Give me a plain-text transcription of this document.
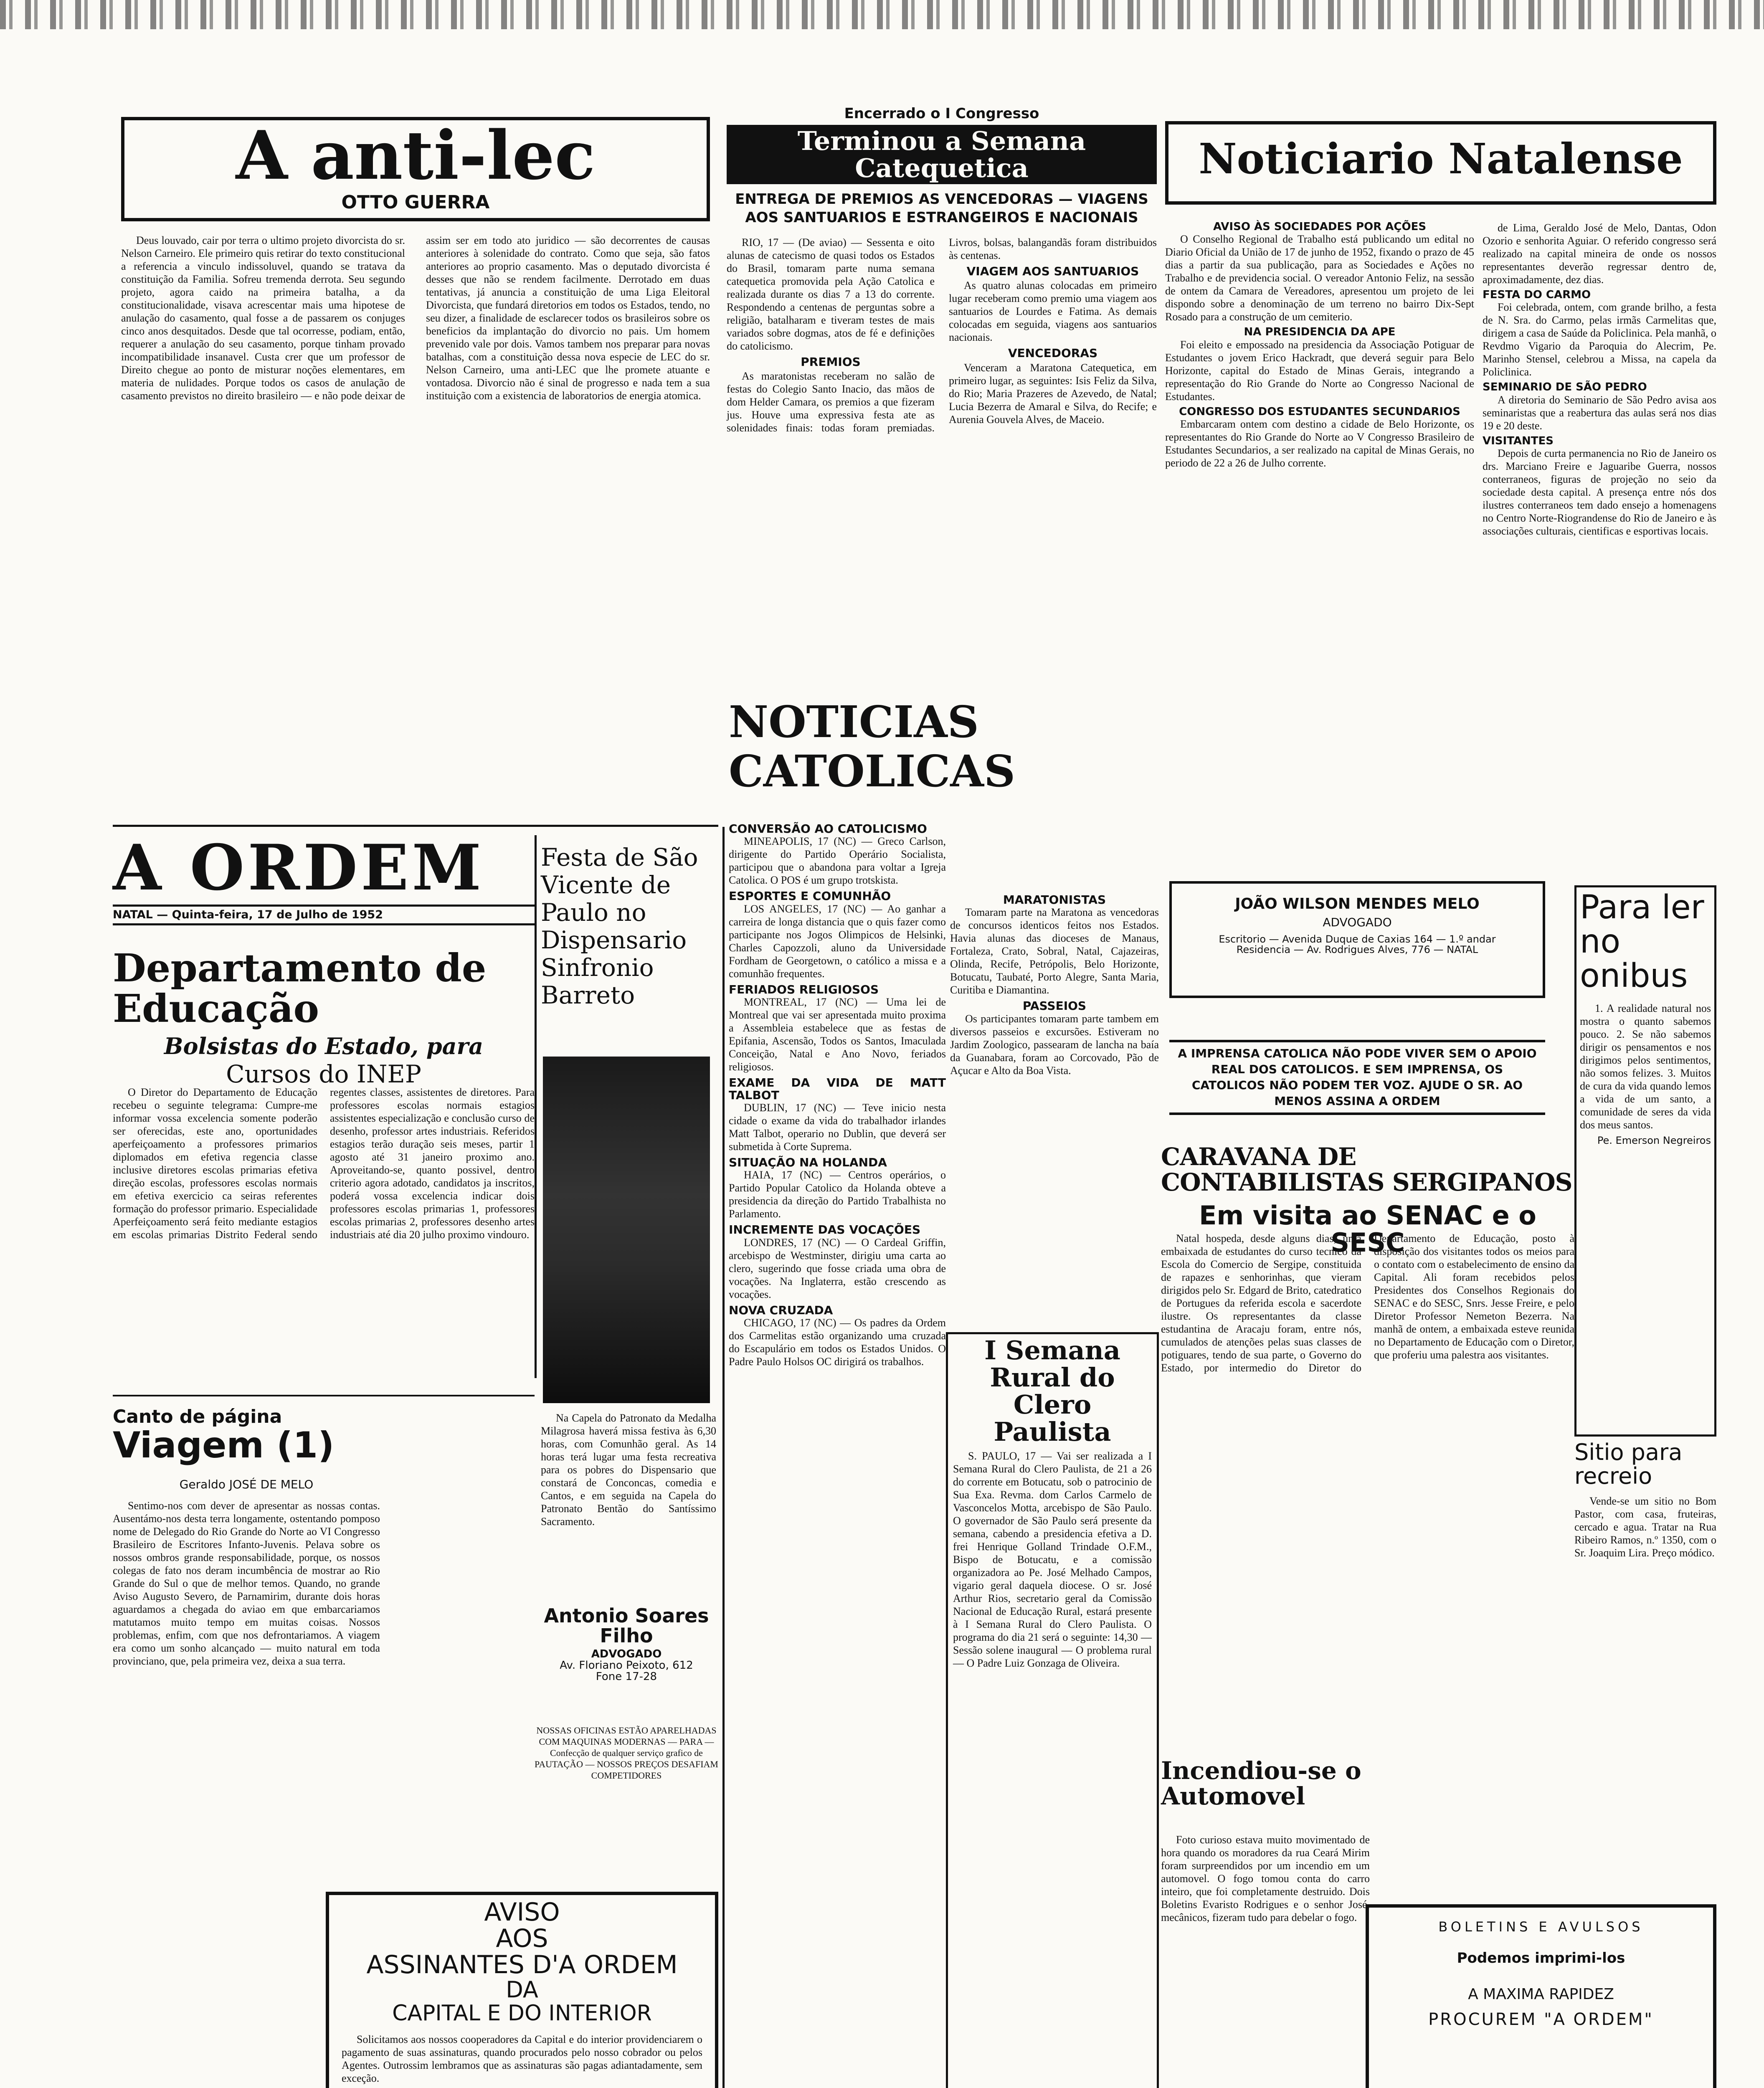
A anti-lec
OTTO GUERRA

Deus louvado, cair por terra o ultimo projeto divorcista do sr. Nelson Carneiro. Ele primeiro quis retirar do texto constitucional a referencia a vinculo indissoluvel, quando se tratava da constituição da Familia. Sofreu tremenda derrota. Seu segundo projeto, agora caido na primeira batalha, a da constitucionalidade, visava acrescentar mais uma hipotese de anulação do casamento, qual fosse a de passarem os conjuges cinco anos desquitados. Desde que tal ocorresse, podiam, então, requerer a anulação do seu casamento, porque tinham provado incompatibilidade insanavel. Custa crer que um professor de Direito chegue ao ponto de misturar noções elementares, em materia de nulidades. Porque todos os casos de anulação de casamento previstos no direito brasileiro — e não pode deixar de assim ser em todo ato juridico — são decorrentes de causas anteriores à solenidade do contrato. Como que seja, são fatos anteriores ao proprio casamento. Mas o deputado divorcista é desses que não se rendem facilmente. Derrotado em duas tentativas, já anuncia a constituição de uma Liga Eleitoral Divorcista, que fundará diretorios em todos os Estados, tendo, no seu dizer, a finalidade de esclarecer todos os brasileiros sobre os beneficios da implantação do divorcio no pais. Um homem prevenido vale por dois. Vamos tambem nos preparar para novas batalhas, com a constituição dessa nova especie de LEC do sr. Nelson Carneiro, uma anti-LEC que lhe promete atuante e vontadosa. Divorcio não é sinal de progresso e nada tem a sua instituição com a existencia de laboratorios de energia atomica.

Encerrado o I Congresso
Terminou a Semana Catequetica
ENTREGA DE PREMIOS AS VENCEDORAS — VIAGENS AOS SANTUARIOS E ESTRANGEIROS E NACIONAIS

RIO, 17 — (De aviao) — Sessenta e oito alunas de catecismo de quasi todos os Estados do Brasil, tomaram parte numa semana catequetica promovida pela Ação Catolica e realizada durante os dias 7 a 13 do corrente. Respondendo a centenas de perguntas sobre a religião, batalharam e tiveram testes de mais variados sobre dogmas, atos de fé e definições do catolicismo.

PREMIOS

As maratonistas receberam no salão de festas do Colegio Santo Inacio, das mãos de dom Helder Camara, os premios a que fizeram jus. Houve uma expressiva festa ate as solenidades finais: todas foram premiadas. Livros, bolsas, balangandãs foram distribuidos às centenas.

VIAGEM AOS SANTUARIOS

As quatro alunas colocadas em primeiro lugar receberam como premio uma viagem aos santuarios de Lourdes e Fatima. As demais colocadas em seguida, viagens aos santuarios nacionais.

VENCEDORAS

Venceram a Maratona Catequetica, em primeiro lugar, as seguintes: Isis Feliz da Silva, do Rio; Maria Prazeres de Azevedo, de Natal; Lucia Bezerra de Amaral e Silva, do Recife; e Aurenia Gouvela Alves, de Maceio.

Noticiario Natalense
AVISO ÀS SOCIEDADES POR AÇÕES

O Conselho Regional de Trabalho está publicando um edital no Diario Oficial da União de 17 de junho de 1952, fixando o prazo de 45 dias a partir da sua publicação, para as Sociedades e Ações no Trabalho e de previdencia social. O vereador Antonio Feliz, na sessão de ontem da Camara de Vereadores, apresentou um projeto de lei dispondo sobre a denominação de um terreno no bairro Dix-Sept Rosado para a construção de um cemiterio.

NA PRESIDENCIA DA APE

Foi eleito e empossado na presidencia da Associação Potiguar de Estudantes o jovem Erico Hackradt, que deverá seguir para Belo Horizonte, capital do Estado de Minas Gerais, integrando a representação do Rio Grande do Norte ao Congresso Nacional de Estudantes.

CONGRESSO DOS ESTUDANTES SECUNDARIOS

Embarcaram ontem com destino a cidade de Belo Horizonte, os representantes do Rio Grande do Norte ao V Congresso Brasileiro de Estudantes Secundarios, a ser realizado na capital de Minas Gerais, no periodo de 22 a 26 de Julho corrente.

de Lima, Geraldo José de Melo, Dantas, Odon Ozorio e senhorita Aguiar. O referido congresso será realizado na capital mineira de onde os nossos representantes deverão regressar dentro de, aproximadamente, dez dias.

FESTA DO CARMO

Foi celebrada, ontem, com grande brilho, a festa de N. Sra. do Carmo, pelas irmãs Carmelitas que, dirigem a casa de Saúde da Policlinica. Pela manhã, o Revdmo Vigario da Paroquia do Alecrim, Pe. Marinho Stensel, celebrou a Missa, na capela da Policlinica.

SEMINARIO DE SÃO PEDRO

A diretoria do Seminario de São Pedro avisa aos seminaristas que a reabertura das aulas será nos dias 19 e 20 deste.

VISITANTES

Depois de curta permanencia no Rio de Janeiro os drs. Marciano Freire e Jaguaribe Guerra, nossos conterraneos, figuras de projeção no seio da sociedade desta capital. A presença entre nós dos ilustres conterraneos tem dado ensejo a homenagens no Centro Norte-Riograndense do Rio de Janeiro e às associações culturais, cientificas e esportivas locais.

A ORDEM
NATAL — Quinta-feira, 17 de Julho de 1952
Departamento de Educação
Bolsistas do Estado, para
Cursos do INEP

O Diretor do Departamento de Educação recebeu o seguinte telegrama: Cumpre-me informar vossa excelencia somente poderão ser oferecidas, este ano, oportunidades aperfeiçoamento a professores primarios diplomados em efetiva regencia classe inclusive diretores escolas primarias efetiva direção escolas, professores escolas normais em efetiva exercicio ca seiras referentes formação do professor primario. Especialidade Aperfeiçoamento será feito mediante estagios em escolas primarias Distrito Federal sendo regentes classes, assistentes de diretores. Para professores escolas normais estagios assistentes especialização e conclusão curso de desenho, professor artes industriais. Referidos estagios terão duração seis meses, partir 1 agosto até 31 janeiro proximo ano. Aproveitando-se, quanto possivel, dentro criterio agora adotado, candidatos ja inscritos, poderá vossa excelencia indicar dois professores escolas primarias 1, professores escolas primarias 2, professores desenho artes industriais até dia 20 julho proximo vindouro.

Canto de página
Viagem (1)
Geraldo JOSÉ DE MELO

Sentimo-nos com dever de apresentar as nossas contas. Ausentámo-nos desta terra longamente, ostentando pomposo nome de Delegado do Rio Grande do Norte ao VI Congresso Brasileiro de Escritores Infanto-Juvenis. Pelava sobre os nossos ombros grande responsabilidade, porque, os nossos colegas de fato nos deram incumbência de mostrar ao Rio Grande do Sul o que de melhor temos. Quando, no grande Aviso Augusto Severo, de Parnamirim, durante dois horas aguardamos a chegada do aviao em que embarcariamos matutamos muito tempo em muitas coisas. Nossos problemas, enfim, com que nos defrontariamos. A viagem era como um sonho alcançado — muito natural em toda provinciano, que, pela primeira vez, deixa a sua terra.

Festa de São Vicente de Paulo no Dispensario Sinfronio Barreto

Na Capela do Patronato da Medalha Milagrosa haverá missa festiva às 6,30 horas, com Comunhão geral. As 14 horas terá lugar uma festa recreativa para os pobres do Dispensario que constará de Conconcas, comedia e Cantos, e em seguida na Capela do Patronato Bentão do Santíssimo Sacramento.

Antonio Soares Filho
ADVOGADO
Av. Floriano Peixoto, 612
Fone 17-28

NOSSAS OFICINAS ESTÃO APARELHADAS COM MAQUINAS MODERNAS — PARA — Confecção de qualquer serviço grafico de PAUTAÇÃO — NOSSOS PREÇOS DESAFIAM COMPETIDORES

AVISO
AOS
ASSINANTES D'A ORDEM
DA
CAPITAL E DO INTERIOR

Solicitamos aos nossos cooperadores da Capital e do interior providenciarem o pagamento de suas assinaturas, quando procurados pelo nosso cobrador ou pelos Agentes. Outrossim lembramos que as assinaturas são pagas adiantadamente, sem exceção.

NOTICIAS CATOLICAS
CONVERSÃO AO CATOLICISMO

MINEAPOLIS, 17 (NC) — Greco Carlson, dirigente do Partido Operário Socialista, participou que o abandona para voltar a Igreja Catolica. O POS é um grupo trotskista.

ESPORTES E COMUNHÃO

LOS ANGELES, 17 (NC) — Ao ganhar a carreira de longa distancia que o quis fazer como participante nos Jogos Olimpicos de Helsinki, Charles Capozzoli, aluno da Universidade Fordham de Georgetown, o católico a missa e a comunhão frequentes.

FERIADOS RELIGIOSOS

MONTREAL, 17 (NC) — Uma lei de Montreal que vai ser apresentada muito proxima a Assembleia estabelece que as festas de Epifania, Ascensão, Todos os Santos, Imaculada Conceição, Natal e Ano Novo, feriados religiosos.

EXAME DA VIDA DE MATT TALBOT

DUBLIN, 17 (NC) — Teve inicio nesta cidade o exame da vida do trabalhador irlandes Matt Talbot, operario no Dublin, que deverá ser submetida à Corte Suprema.

SITUAÇÃO NA HOLANDA

HAIA, 17 (NC) — Centros operários, o Partido Popular Catolico da Holanda obteve a presidencia da direção do Partido Trabalhista no Parlamento.

INCREMENTE DAS VOCAÇÕES

LONDRES, 17 (NC) — O Cardeal Griffin, arcebispo de Westminster, dirigiu uma carta ao clero, sugerindo que fosse criada uma obra de vocações. Na Inglaterra, estão crescendo as vocações.

NOVA CRUZADA

CHICAGO, 17 (NC) — Os padres da Ordem dos Carmelitas estão organizando uma cruzada do Escapulário em todos os Estados Unidos. O Padre Paulo Holsos OC dirigirá os trabalhos.

MARATONISTAS

Tomaram parte na Maratona as vencedoras de concursos identicos feitos nos Estados. Havia alunas das dioceses de Manaus, Fortaleza, Crato, Sobral, Natal, Cajazeiras, Olinda, Recife, Petrópolis, Belo Horizonte, Botucatu, Taubaté, Porto Alegre, Santa Maria, Curitiba e Diamantina.

PASSEIOS

Os participantes tomaram parte tambem em diversos passeios e excursões. Estiveram no Jardim Zoologico, passearam de lancha na baía da Guanabara, foram ao Corcovado, Pão de Açucar e Alto da Boa Vista.

I Semana Rural do Clero Paulista

S. PAULO, 17 — Vai ser realizada a I Semana Rural do Clero Paulista, de 21 a 26 do corrente em Botucatu, sob o patrocinio de Sua Exa. Revma. dom Carlos Carmelo de Vasconcelos Motta, arcebispo de São Paulo. O governador de São Paulo será presente da semana, cabendo a presidencia efetiva a D. frei Henrique Golland Trindade O.F.M., Bispo de Botucatu, e a comissão organizadora ao Pe. José Melhado Campos, vigario geral daquela diocese. O sr. José Arthur Rios, secretario geral da Comissão Nacional de Educação Rural, estará presente à I Semana Rural do Clero Paulista. O programa do dia 21 será o seguinte: 14,30 — Sessão solene inaugural — O problema rural — O Padre Luiz Gonzaga de Oliveira.

JOÃO WILSON MENDES MELO
ADVOGADO
Escritorio — Avenida Duque de Caxias 164 — 1.º andar
Residencia — Av. Rodrigues Alves, 776 — NATAL
A IMPRENSA CATOLICA NÃO PODE VIVER SEM O APOIO REAL DOS CATOLICOS. E SEM IMPRENSA, OS CATOLICOS NÃO PODEM TER VOZ. AJUDE O SR. AO MENOS ASSINA A ORDEM
CARAVANA DE CONTABILISTAS SERGIPANOS
Em visita ao SENAC e o SESC

Natal hospeda, desde alguns dias, uma embaixada de estudantes do curso tecnico da Escola do Comercio de Sergipe, constituida de rapazes e senhorinhas, que vieram dirigidos pelo Sr. Edgard de Brito, catedratico de Portugues da referida escola e sacerdote ilustre. Os representantes da classe estudantina de Aracaju foram, entre nós, cumulados de atenções pelas suas classes de potiguares, tendo de sua parte, o Governo do Estado, por intermedio do Diretor do Departamento de Educação, posto à disposição dos visitantes todos os meios para o contato com o estabelecimento de ensino da Capital. Ali foram recebidos pelos Presidentes dos Conselhos Regionais do SENAC e do SESC, Snrs. Jesse Freire, e pelo Diretor Professor Nemeton Bezerra. Na manhã de ontem, a embaixada esteve reunida no Departamento de Educação com o Diretor, que proferiu uma palestra aos visitantes.

Incendiou-se o Automovel

Foto curioso estava muito movimentado de hora quando os moradores da rua Ceará Mirim foram surpreendidos por um incendio em um automovel. O fogo tomou conta do carro inteiro, que foi completamente destruido. Dois Boletins Evaristo Rodrigues e o senhor José, mecânicos, fizeram tudo para debelar o fogo.

Para ler no onibus

1. A realidade natural nos mostra o quanto sabemos pouco. 2. Se não sabemos dirigir os pensamentos e nos dirigimos pelos sentimentos, não somos felizes. 3. Muitos de cura da vida quando lemos a vida de um santo, a comunidade de seres da vida dos meus santos.

Pe. Emerson Negreiros
Sitio para recreio

Vende-se um sitio no Bom Pastor, com casa, fruteiras, cercado e agua. Tratar na Rua Ribeiro Ramos, n.º 1350, com o Sr. Joaquim Lira. Preço módico.

BOLETINS E AVULSOS
Podemos imprimi-los
A MAXIMA RAPIDEZ
PROCUREM "A ORDEM"
